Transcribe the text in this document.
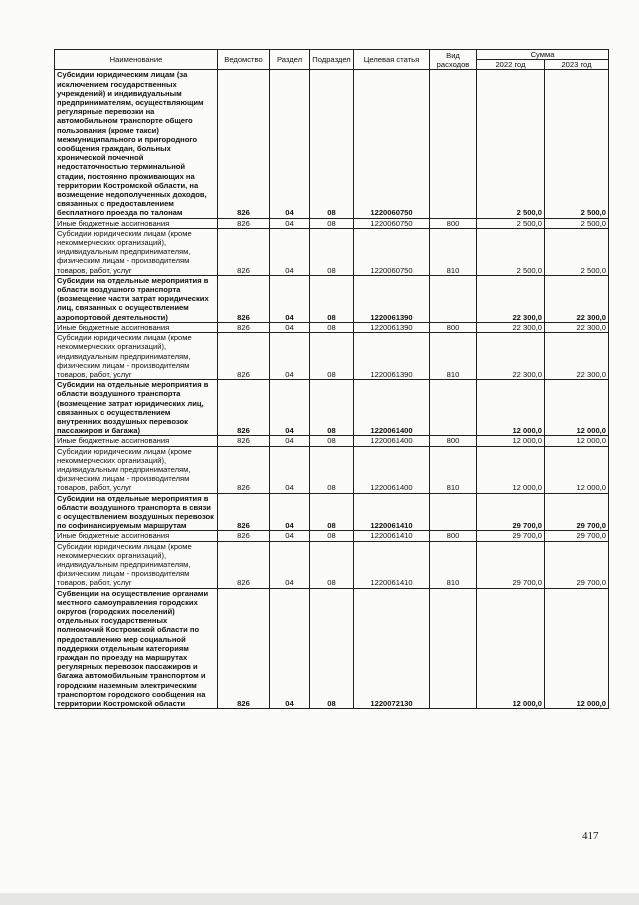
Наименование	Ведомство	Раздел	Подраздел	Целевая статья	Вид расходов	Сумма	
						2022 год	2023 год
Субсидии юридическим лицам (за исключением государственных учреждений) и индивидуальным предпринимателям, осуществляющим регулярные перевозки на автомобильном транспорте общего пользования (кроме такси) межмуниципального и пригородного сообщения граждан, больных хронической почечной недостаточностью терминальной стадии, постоянно проживающих на территории Костромской области, на возмещение недополученных доходов, связанных с предоставлением бесплатного проезда по талонам	826	04	08	1220060750		2 500,0	2 500,0
Иные бюджетные ассигнования	826	04	08	1220060750	800	2 500,0	2 500,0
Субсидии юридическим лицам (кроме некоммерческих организаций), индивидуальным предпринимателям, физическим лицам - производителям товаров, работ, услуг	826	04	08	1220060750	810	2 500,0	2 500,0
Субсидии на отдельные мероприятия в области воздушного транспорта (возмещение части затрат юридических лиц, связанных с осуществлением аэропортовой деятельности)	826	04	08	1220061390		22 300,0	22 300,0
Иные бюджетные ассигнования	826	04	08	1220061390	800	22 300,0	22 300,0
Субсидии юридическим лицам (кроме некоммерческих организаций), индивидуальным предпринимателям, физическим лицам - производителям товаров, работ, услуг	826	04	08	1220061390	810	22 300,0	22 300,0
Субсидии на отдельные мероприятия в области воздушного транспорта (возмещение затрат юридических лиц, связанных с осуществлением внутренних воздушных перевозок пассажиров и багажа)	826	04	08	1220061400		12 000,0	12 000,0
Иные бюджетные ассигнования	826	04	08	1220061400	800	12 000,0	12 000,0
Субсидии юридическим лицам (кроме некоммерческих организаций), индивидуальным предпринимателям, физическим лицам - производителям товаров, работ, услуг	826	04	08	1220061400	810	12 000,0	12 000,0
Субсидии на отдельные мероприятия в области воздушного транспорта в связи с осуществлением воздушных перевозок по софинансируемым маршрутам	826	04	08	1220061410		29 700,0	29 700,0
Иные бюджетные ассигнования	826	04	08	1220061410	800	29 700,0	29 700,0
Субсидии юридическим лицам (кроме некоммерческих организаций), индивидуальным предпринимателям, физическим лицам - производителям товаров, работ, услуг	826	04	08	1220061410	810	29 700,0	29 700,0
Субвенции на осуществление органами местного самоуправления городских округов (городских поселений) отдельных государственных полномочий Костромской области по предоставлению мер социальной поддержки отдельным категориям граждан по проезду на маршрутах регулярных перевозок пассажиров и багажа автомобильным транспортом и городским наземным электрическим транспортом городского сообщения на территории Костромской области	826	04	08	1220072130		12 000,0	12 000,0
417
